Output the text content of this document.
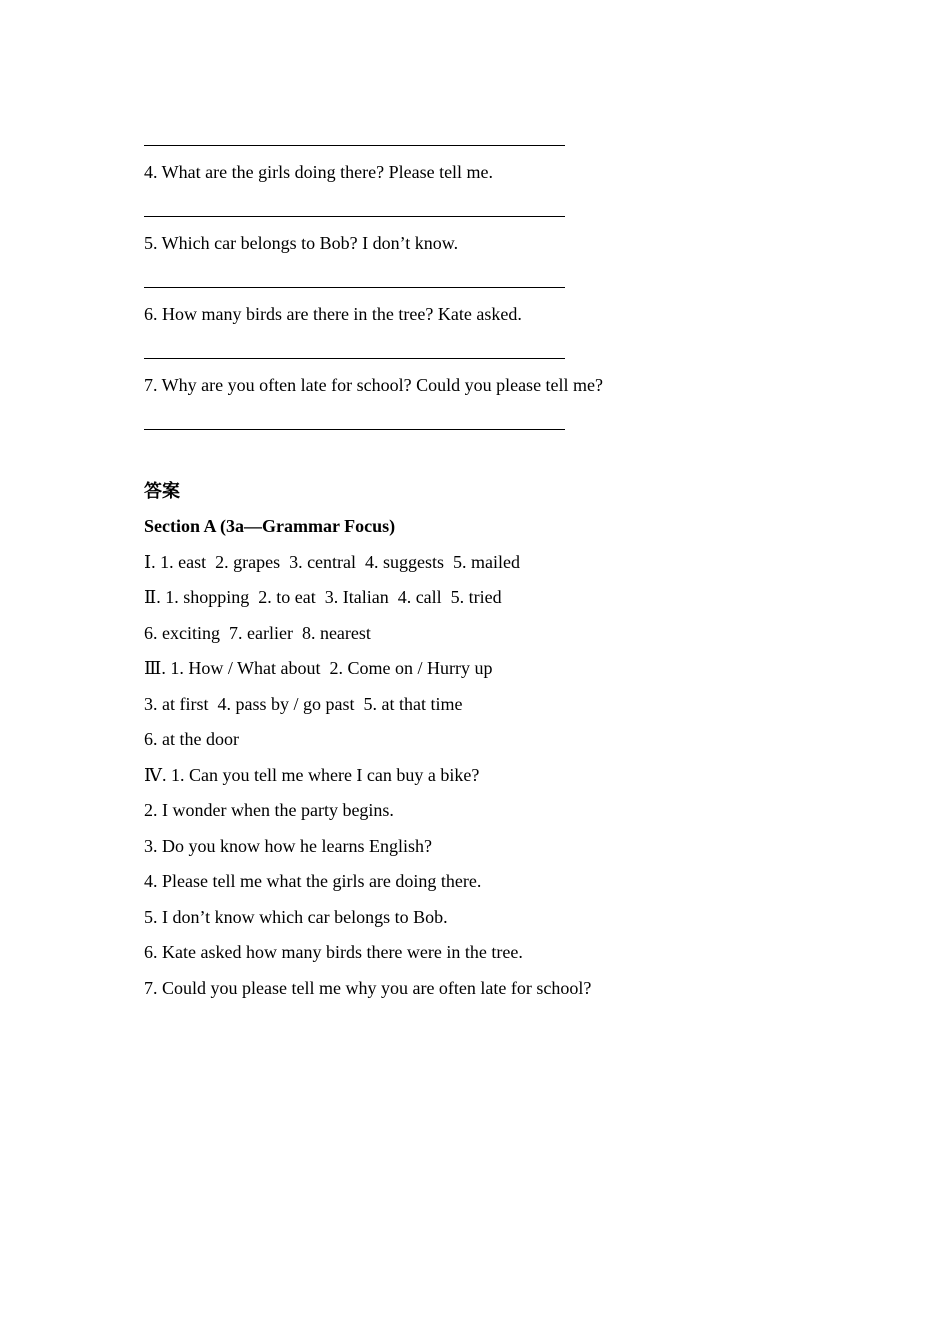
4. What are the girls doing there? Please tell me.
5. Which car belongs to Bob? I don’t know.
6. How many birds are there in the tree? Kate asked.
7. Why are you often late for school? Could you please tell me?
答案
Section A (3a—Grammar Focus)
Ⅰ. 1. east  2. grapes  3. central  4. suggests  5. mailed
Ⅱ. 1. shopping  2. to eat  3. Italian  4. call  5. tried
6. exciting  7. earlier  8. nearest
Ⅲ. 1. How / What about  2. Come on / Hurry up
3. at first  4. pass by / go past  5. at that time
6. at the door
Ⅳ. 1. Can you tell me where I can buy a bike?
2. I wonder when the party begins.
3. Do you know how he learns English?
4. Please tell me what the girls are doing there.
5. I don’t know which car belongs to Bob.
6. Kate asked how many birds there were in the tree.
7. Could you please tell me why you are often late for school?
